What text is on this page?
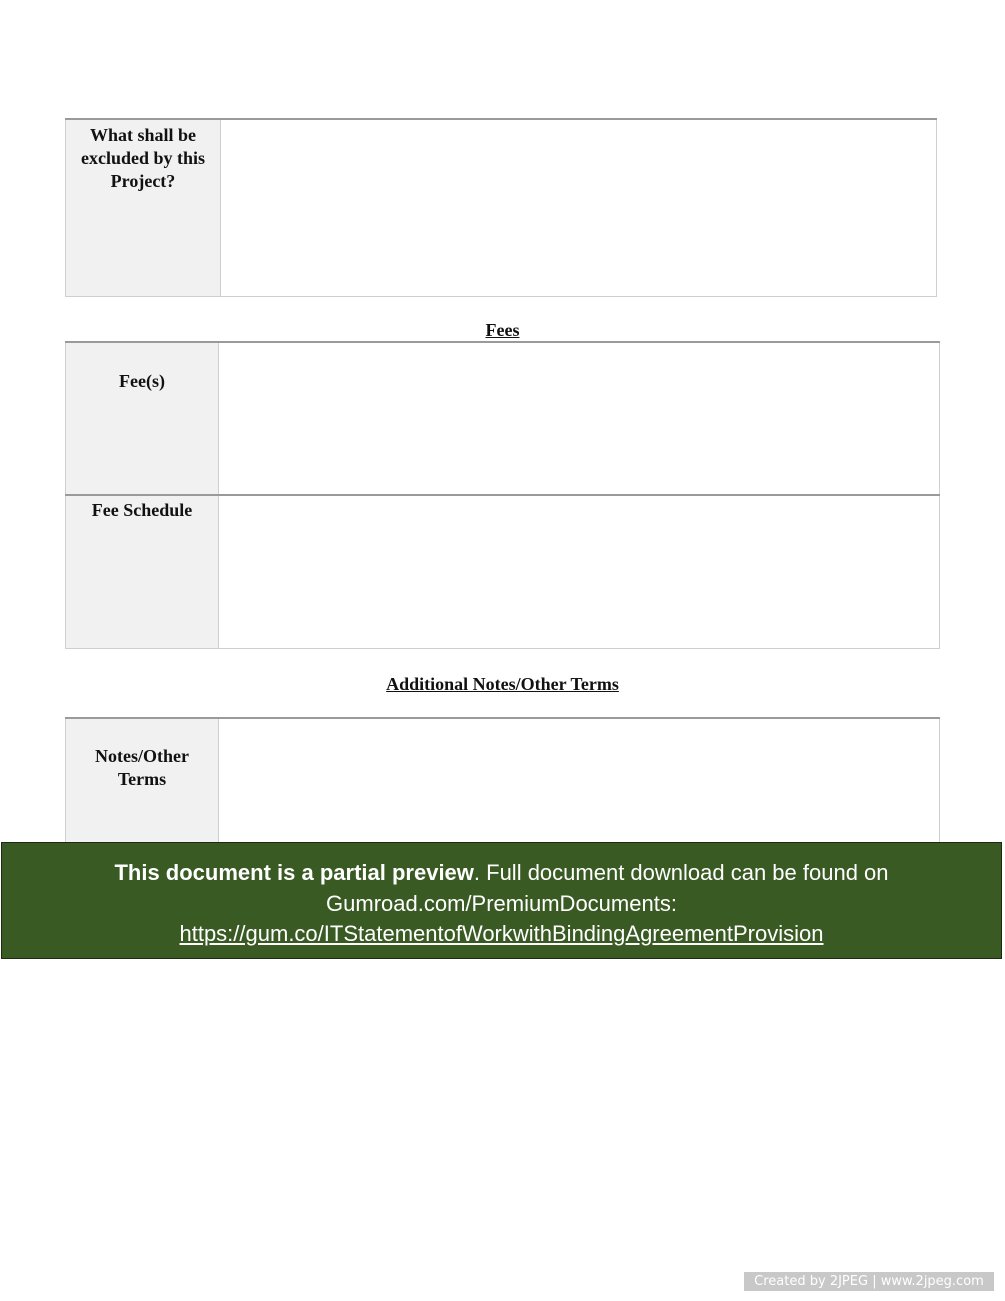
What shall be excluded by this Project?

Fees
Fee(s)	

Fee Schedule	

Additional Notes/Other Terms
Notes/Other Terms

This document is a partial preview. Full document download can be found on
Gumroad.com/PremiumDocuments:
https://gum.co/ITStatementofWorkwithBindingAgreementProvision
Created by 2JPEG | www.2jpeg.com
